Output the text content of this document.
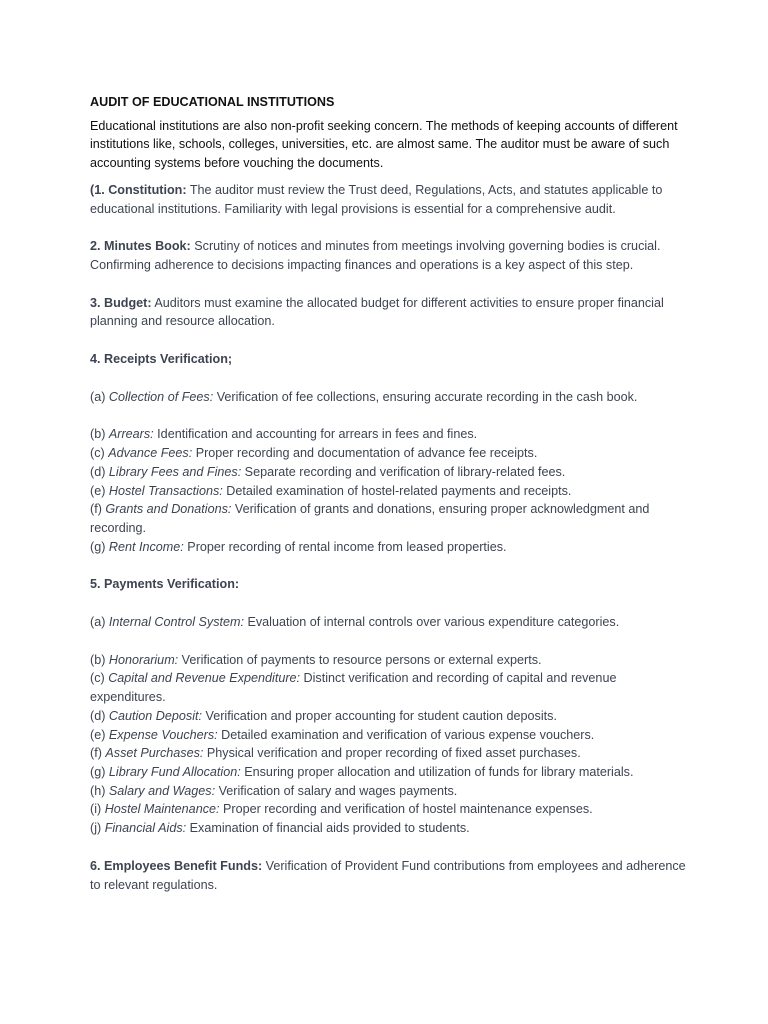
AUDIT OF EDUCATIONAL INSTITUTIONS

Educational institutions are also non-profit seeking concern. The methods of keeping accounts of different institutions like, schools, colleges, universities, etc. are almost same. The auditor must be aware of such accounting systems before vouching the documents.

(1. Constitution: The auditor must review the Trust deed, Regulations, Acts, and statutes applicable to educational institutions. Familiarity with legal provisions is essential for a comprehensive audit.

2. Minutes Book: Scrutiny of notices and minutes from meetings involving governing bodies is crucial. Confirming adherence to decisions impacting finances and operations is a key aspect of this step.

3. Budget: Auditors must examine the allocated budget for different activities to ensure proper financial planning and resource allocation.

4. Receipts Verification;

(a) Collection of Fees: Verification of fee collections, ensuring accurate recording in the cash book.

(b) Arrears: Identification and accounting for arrears in fees and fines.

(c) Advance Fees: Proper recording and documentation of advance fee receipts.

(d) Library Fees and Fines: Separate recording and verification of library-related fees.

(e) Hostel Transactions: Detailed examination of hostel-related payments and receipts.

(f) Grants and Donations: Verification of grants and donations, ensuring proper acknowledgment and recording.

(g) Rent Income: Proper recording of rental income from leased properties.

5. Payments Verification:

(a) Internal Control System: Evaluation of internal controls over various expenditure categories.

(b) Honorarium: Verification of payments to resource persons or external experts.

(c) Capital and Revenue Expenditure: Distinct verification and recording of capital and revenue expenditures.

(d) Caution Deposit: Verification and proper accounting for student caution deposits.

(e) Expense Vouchers: Detailed examination and verification of various expense vouchers.

(f) Asset Purchases: Physical verification and proper recording of fixed asset purchases.

(g) Library Fund Allocation: Ensuring proper allocation and utilization of funds for library materials.

(h) Salary and Wages: Verification of salary and wages payments.

(i) Hostel Maintenance: Proper recording and verification of hostel maintenance expenses.

(j) Financial Aids: Examination of financial aids provided to students.

6. Employees Benefit Funds: Verification of Provident Fund contributions from employees and adherence to relevant regulations.
